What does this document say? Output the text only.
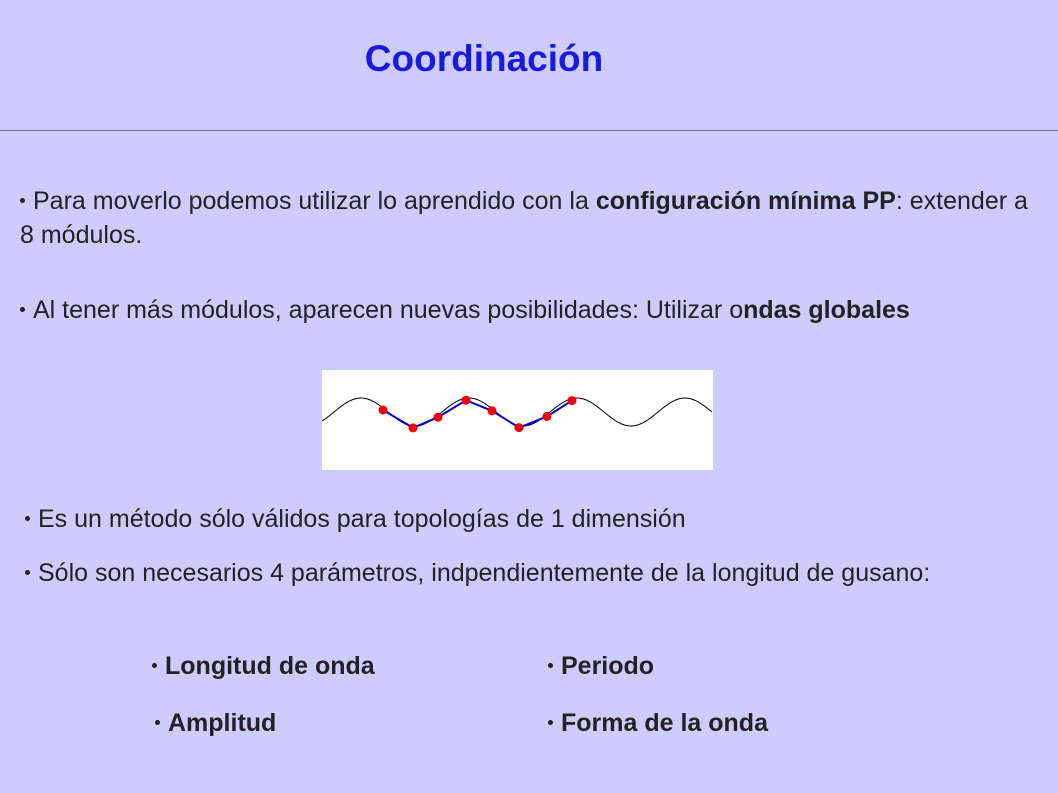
Coordinación
Para moverlo podemos utilizar lo aprendido con la configuración mínima PP: extender a 8 módulos.
Al tener más módulos, aparecen nuevas posibilidades: Utilizar ondas globales
Es un método sólo válidos para topologías de 1 dimensión
Sólo son necesarios 4 parámetros, indpendientemente de la longitud de gusano:
Longitud de onda	Periodo
Amplitud	Forma de la onda
